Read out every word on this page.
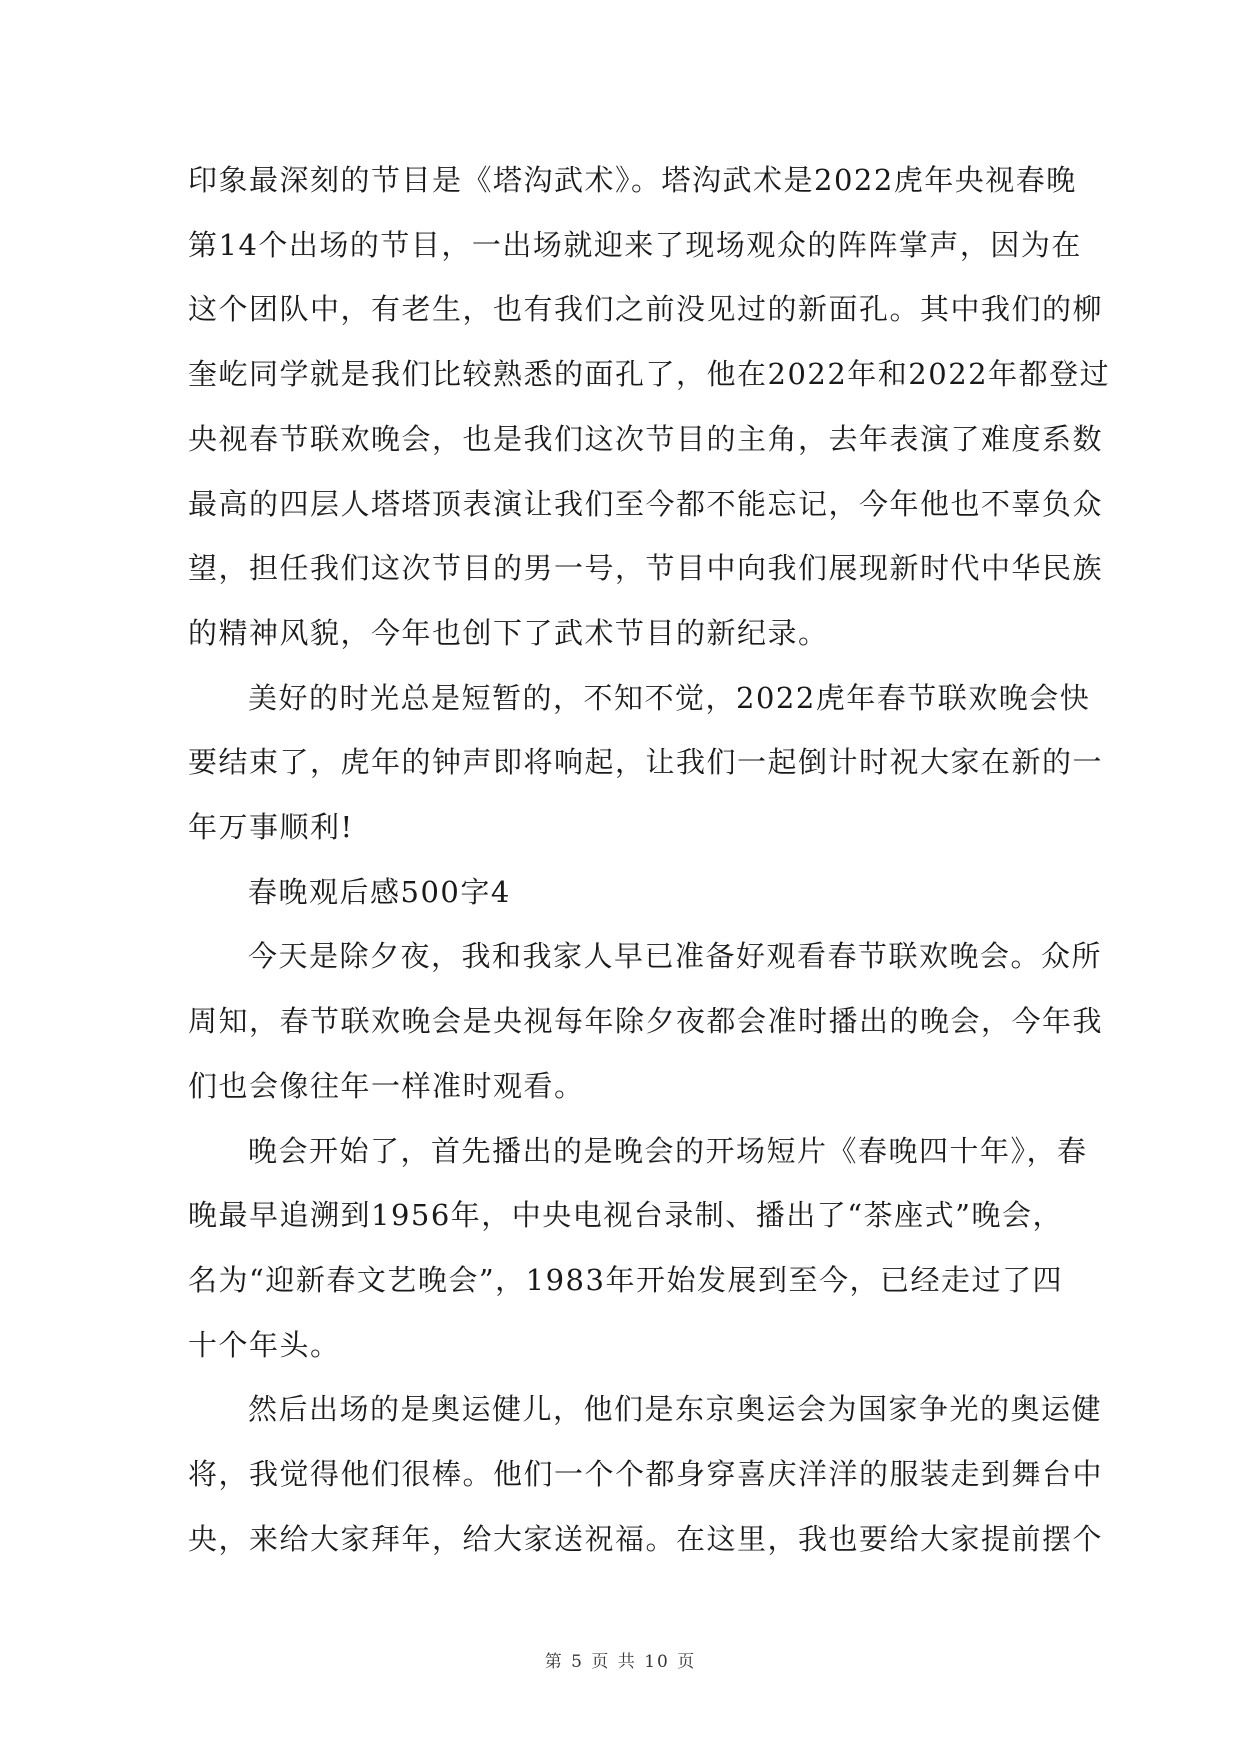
印象最深刻的节目是《塔沟武术》。塔沟武术是2022虎年央视春晚
第14个出场的节目，一出场就迎来了现场观众的阵阵掌声，因为在
这个团队中，有老生，也有我们之前没见过的新面孔。其中我们的柳
奎屹同学就是我们比较熟悉的面孔了，他在2022年和2022年都登过
央视春节联欢晚会，也是我们这次节目的主角，去年表演了难度系数
最高的四层人塔塔顶表演让我们至今都不能忘记，今年他也不辜负众
望，担任我们这次节目的男一号，节目中向我们展现新时代中华民族
的精神风貌，今年也创下了武术节目的新纪录。

美好的时光总是短暂的，不知不觉，2022虎年春节联欢晚会快
要结束了，虎年的钟声即将响起，让我们一起倒计时祝大家在新的一
年万事顺利!

春晚观后感500字4

今天是除夕夜，我和我家人早已准备好观看春节联欢晚会。众所
周知，春节联欢晚会是央视每年除夕夜都会准时播出的晚会，今年我
们也会像往年一样准时观看。

晚会开始了，首先播出的是晚会的开场短片《春晚四十年》，春
晚最早追溯到1956年，中央电视台录制、播出了“茶座式”晚会，
名为“迎新春文艺晚会”，1983年开始发展到至今，已经走过了四
十个年头。

然后出场的是奥运健儿，他们是东京奥运会为国家争光的奥运健
将，我觉得他们很棒。他们一个个都身穿喜庆洋洋的服装走到舞台中
央，来给大家拜年，给大家送祝福。在这里，我也要给大家提前摆个

第 5 页 共 10 页
